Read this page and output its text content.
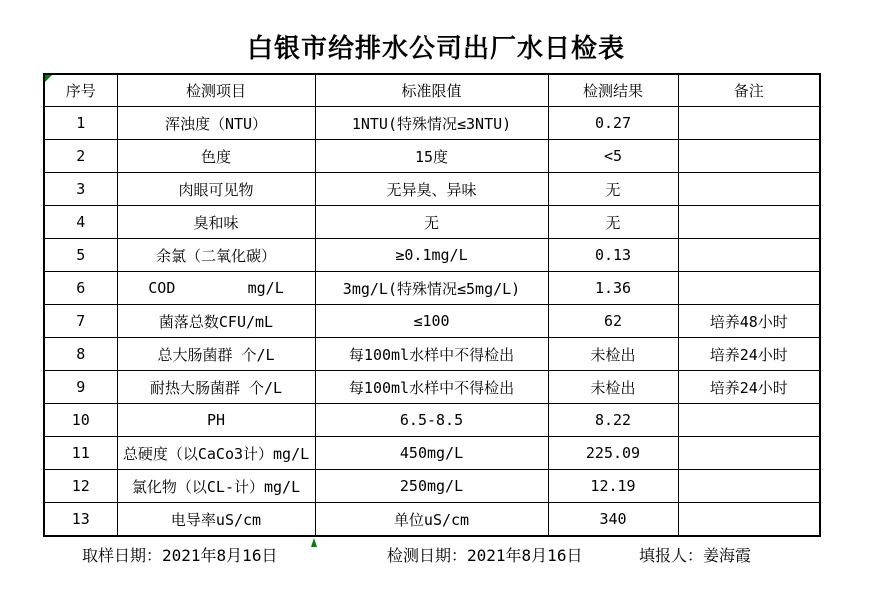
白银市给排水公司出厂水日检表
序号	检测项目	标准限值	检测结果	备注
1	浑浊度（NTU）	1NTU(特殊情况≤3NTU)	0.27	
2	色度	15度	<5	
3	肉眼可见物	无异臭、异味	无	
4	臭和味	无	无	
5	余氯（二氧化碳）	≥0.1mg/L	0.13	
6	COD        mg/L	3mg/L(特殊情况≤5mg/L)	1.36	
7	菌落总数CFU/mL	≤100	62	培养48小时
8	总大肠菌群 个/L	每100ml水样中不得检出	未检出	培养24小时
9	耐热大肠菌群 个/L	每100ml水样中不得检出	未检出	培养24小时
10	PH	6.5-8.5	8.22	
11	总硬度（以CaCo3计）mg/L	450mg/L	225.09	
12	氯化物（以CL-计）mg/L	250mg/L	12.19	
13	电导率uS/cm	单位uS/cm	340	
取样日期：2021年8月16日	检测日期：2021年8月16日	填报人：姜海霞
